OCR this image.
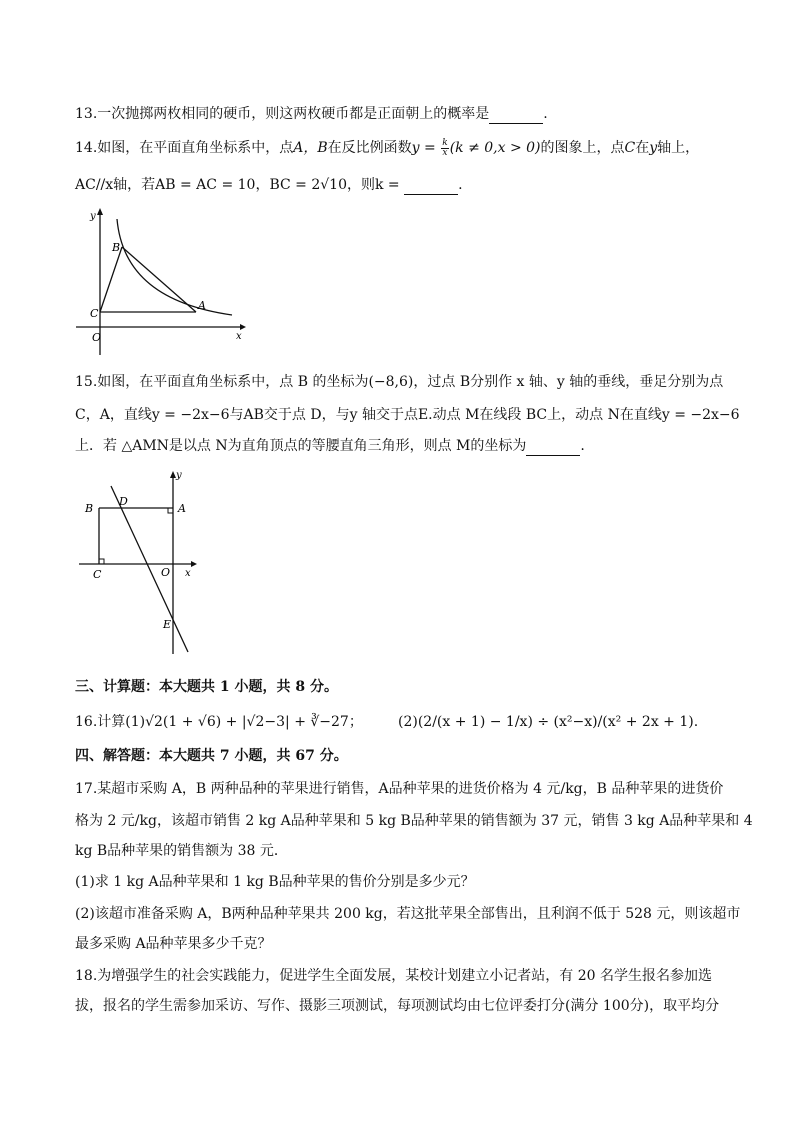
13.一次抛掷两枚相同的硬币，则这两枚硬币都是正面朝上的概率是	.
14.如图，在平面直角坐标系中，点A，B在反比例函数$y = \frac{k}{x} (k \ne 0,x > 0)$的图象上，点C在y轴上，
AC//x轴，若AB = AC = 10，BC = 2√10，则k =	.
y
x
B
C
A
O
15.如图，在平面直角坐标系中，点 B 的坐标为(−8,6)，过点 B分别作 x 轴、y 轴的垂线，垂足分别为点
C，A，直线y = −2x−6与AB交于点 D，与y 轴交于点E.动点 M在线段 BC上，动点 N在直线y = −2x−6
上．若 △AMN是以点 N为直角顶点的等腰直角三角形，则点 M的坐标为	.
y
B
D
A
C	O x
E
三、计算题：本大题共 1 小题，共 8 分。
16.计算(1)√2(1 + √6) + |√2−3| + ∛−27；	(2)(2/(x + 1) − 1/x) ÷ (x²−x)/(x² + 2x + 1).
四、解答题：本大题共 7 小题，共 67 分。
17.某超市采购 A，B 两种品种的苹果进行销售，A品种苹果的进货价格为 4 元/kg，B 品种苹果的进货价
格为 2 元/kg，该超市销售 2 kg A品种苹果和 5 kg B品种苹果的销售额为 37 元，销售 3 kg A品种苹果和 4
kg B品种苹果的销售额为 38 元．
(1)求 1 kg A品种苹果和 1 kg B品种苹果的售价分别是多少元？
(2)该超市准备采购 A，B两种品种苹果共 200 kg，若这批苹果全部售出，且利润不低于 528 元，则该超市
最多采购 A品种苹果多少千克？
18.为增强学生的社会实践能力，促进学生全面发展，某校计划建立小记者站，有 20 名学生报名参加选
拔，报名的学生需参加采访、写作、摄影三项测试，每项测试均由七位评委打分(满分 100分)，取平均分
